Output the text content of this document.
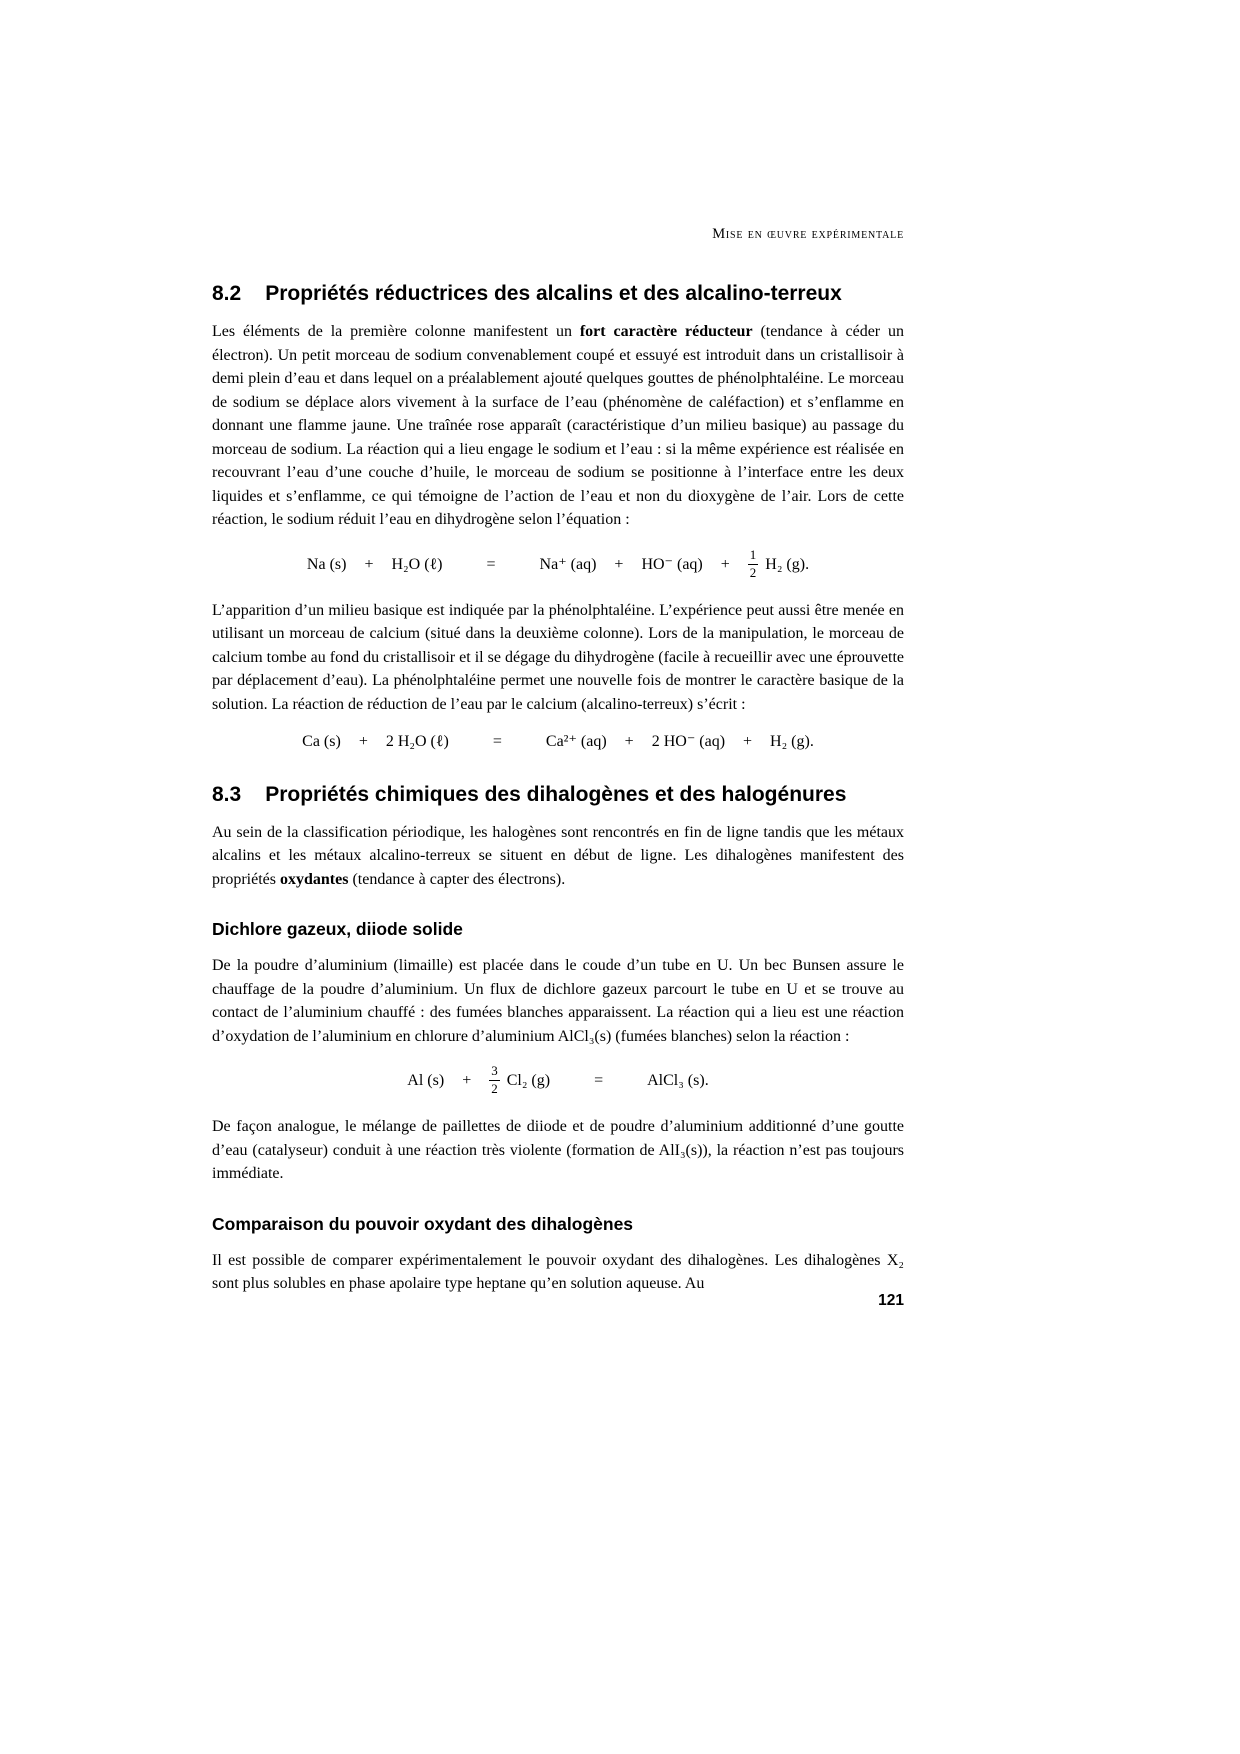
Mise en œuvre expérimentale
8.2 Propriétés réductrices des alcalins et des alcalino-terreux

Les éléments de la première colonne manifestent un fort caractère réducteur (tendance à céder un électron). Un petit morceau de sodium convenablement coupé et essuyé est introduit dans un cristallisoir à demi plein d’eau et dans lequel on a préalablement ajouté quelques gouttes de phénolphtaléine. Le morceau de sodium se déplace alors vivement à la surface de l’eau (phénomène de caléfaction) et s’enflamme en donnant une flamme jaune. Une traînée rose apparaît (caractéristique d’un milieu basique) au passage du morceau de sodium. La réaction qui a lieu engage le sodium et l’eau : si la même expérience est réalisée en recouvrant l’eau d’une couche d’huile, le morceau de sodium se positionne à l’interface entre les deux liquides et s’enflamme, ce qui témoigne de l’action de l’eau et non du dioxygène de l’air. Lors de cette réaction, le sodium réduit l’eau en dihydrogène selon l’équation :

Na (s) + H₂O (ℓ)	=	Na⁺ (aq) + HO⁻ $(aq) + \frac{1}{2} H_2$ (g).

L’apparition d’un milieu basique est indiquée par la phénolphtaléine. L’expérience peut aussi être menée en utilisant un morceau de calcium (situé dans la deuxième colonne). Lors de la manipulation, le morceau de calcium tombe au fond du cristallisoir et il se dégage du dihydrogène (facile à recueillir avec une éprouvette par déplacement d’eau). La phénolphtaléine permet une nouvelle fois de montrer le caractère basique de la solution. La réaction de réduction de l’eau par le calcium (alcalino-terreux) s’écrit :

Ca (s) + 2 H₂O (ℓ)	=	Ca²⁺ (aq) + 2 HO⁻ (aq) + H₂ (g).
8.3 Propriétés chimiques des dihalogènes et des halogénures

Au sein de la classification périodique, les halogènes sont rencontrés en fin de ligne tandis que les métaux alcalins et les métaux alcalino-terreux se situent en début de ligne. Les dihalogènes manifestent des propriétés oxydantes (tendance à capter des électrons).

Dichlore gazeux, diiode solide

De la poudre d’aluminium (limaille) est placée dans le coude d’un tube en U. Un bec Bunsen assure le chauffage de la poudre d’aluminium. Un flux de dichlore gazeux parcourt le tube en U et se trouve au contact de l’aluminium chauffé : des fumées blanches apparaissent. La réaction qui a lieu est une réaction d’oxydation de l’aluminium en chlorure d’aluminium AlCl₃(s) (fumées blanches) selon la réaction :

Al $(s) + \frac{3}{2} Cl_2$ (g)	=	AlCl₃ (s).

De façon analogue, le mélange de paillettes de diiode et de poudre d’aluminium additionné d’une goutte d’eau (catalyseur) conduit à une réaction très violente (formation de AlI₃(s)), la réaction n’est pas toujours immédiate.

Comparaison du pouvoir oxydant des dihalogènes

Il est possible de comparer expérimentalement le pouvoir oxydant des dihalogènes. Les dihalogènes X₂ sont plus solubles en phase apolaire type heptane qu’en solution aqueuse. Au

121
